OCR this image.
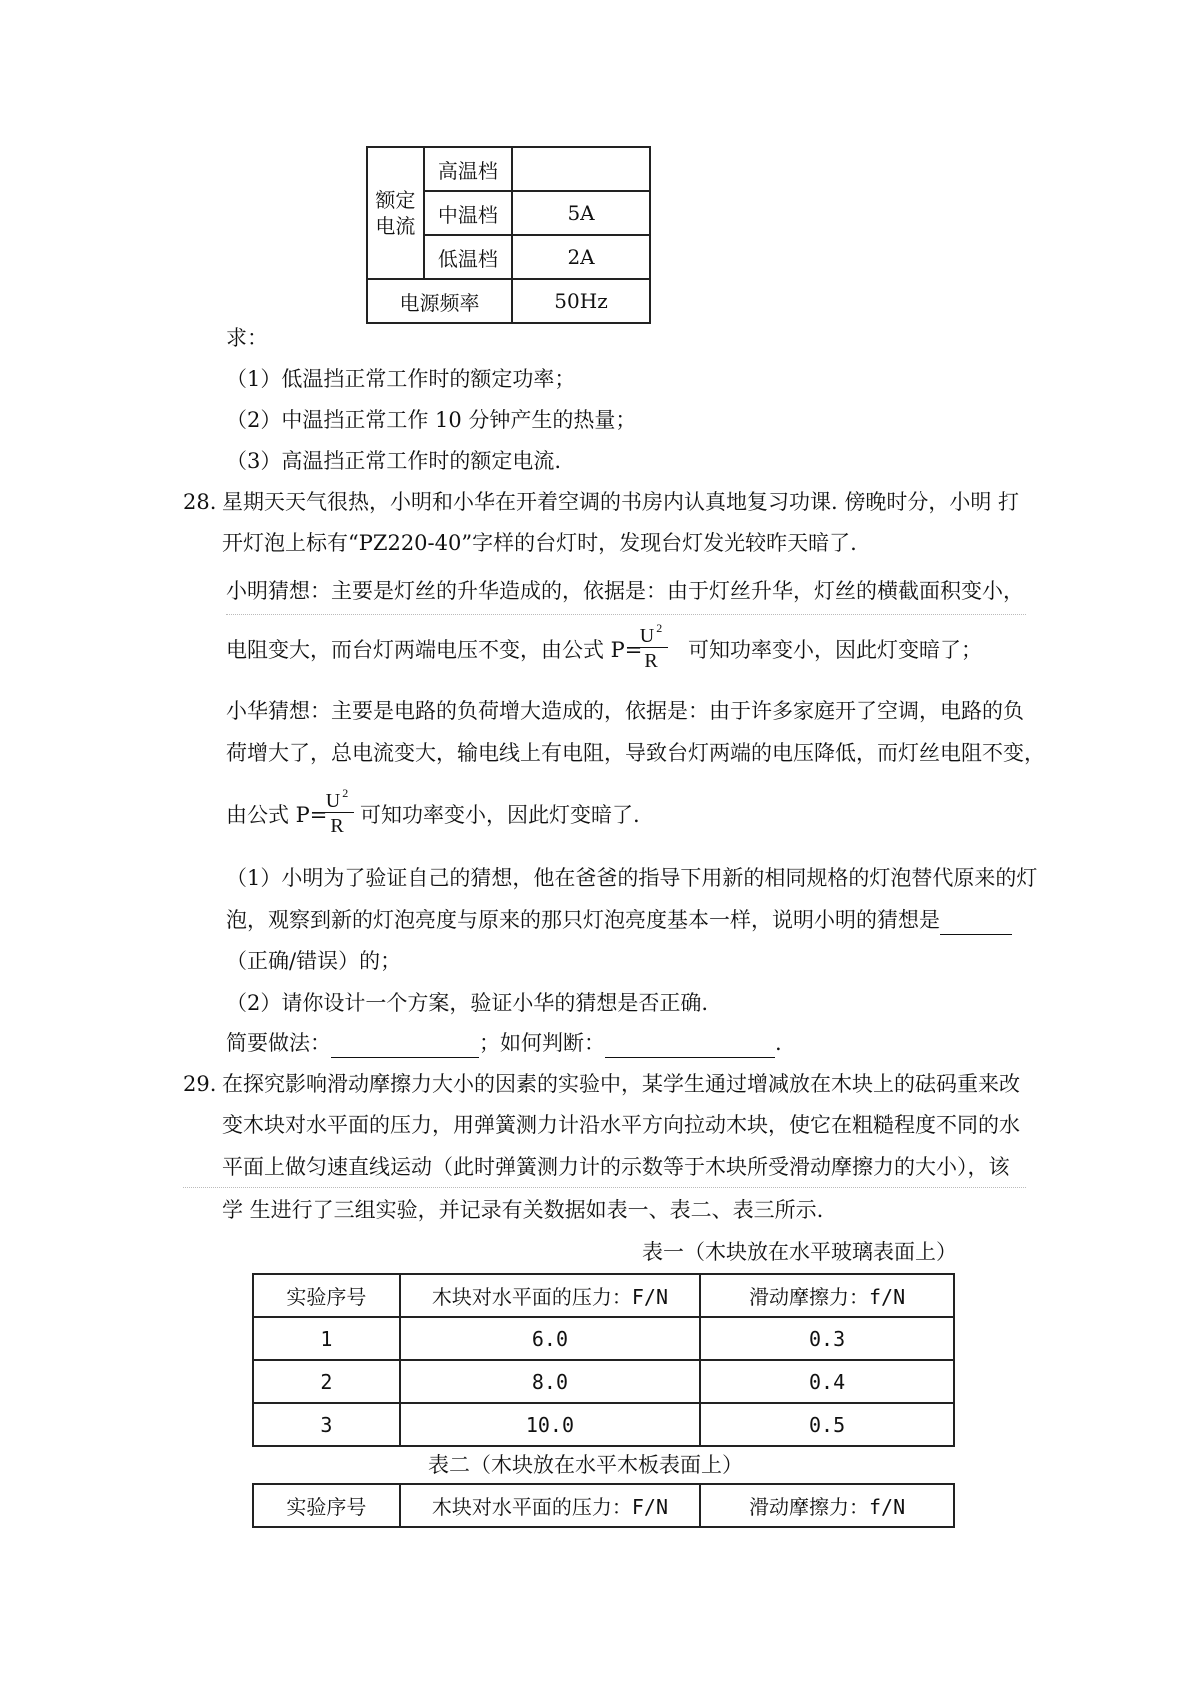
额定电流	高温档	
	中温档	5A
	低温档	2A
电源频率		50Hz
求：
（1）低温挡正常工作时的额定功率；
（2）中温挡正常工作 10 分钟产生的热量；
（3）高温挡正常工作时的额定电流.
28. 星期天天气很热，小明和小华在开着空调的书房内认真地复习功课. 傍晚时分，小明 打
开灯泡上标有“PZ220-40”字样的台灯时，发现台灯发光较昨天暗了.
小明猜想：主要是灯丝的升华造成的，依据是：由于灯丝升华，灯丝的横截面积变小，
电阻变大，而台灯两端电压不变，由公式 P=
U $^2$
R	可知功率变小，因此灯变暗了；
小华猜想：主要是电路的负荷增大造成的，依据是：由于许多家庭开了空调，电路的负
荷增大了，总电流变大，输电线上有电阻，导致台灯两端的电压降低，而灯丝电阻不变，
由公式 P=
U $^2$
R 可知功率变小，因此灯变暗了.
（1）小明为了验证自己的猜想，他在爸爸的指导下用新的相同规格的灯泡替代原来的灯
泡，观察到新的灯泡亮度与原来的那只灯泡亮度基本一样，说明小明的猜想是
（正确/错误）的；
（2）请你设计一个方案，验证小华的猜想是否正确.
简要做法：	；如何判断：	.
29. 在探究影响滑动摩擦力大小的因素的实验中，某学生通过增减放在木块上的砝码重来改
变木块对水平面的压力，用弹簧测力计沿水平方向拉动木块，使它在粗糙程度不同的水
平面上做匀速直线运动（此时弹簧测力计的示数等于木块所受滑动摩擦力的大小），该
学 生进行了三组实验，并记录有关数据如表一、表二、表三所示.
表一（木块放在水平玻璃表面上）
实验序号	木块对水平面的压力：F/N	滑动摩擦力：f/N
1	6.0	0.3
2	8.0	0.4
3	10.0	0.5
表二（木块放在水平木板表面上）
实验序号	木块对水平面的压力：F/N	滑动摩擦力：f/N
